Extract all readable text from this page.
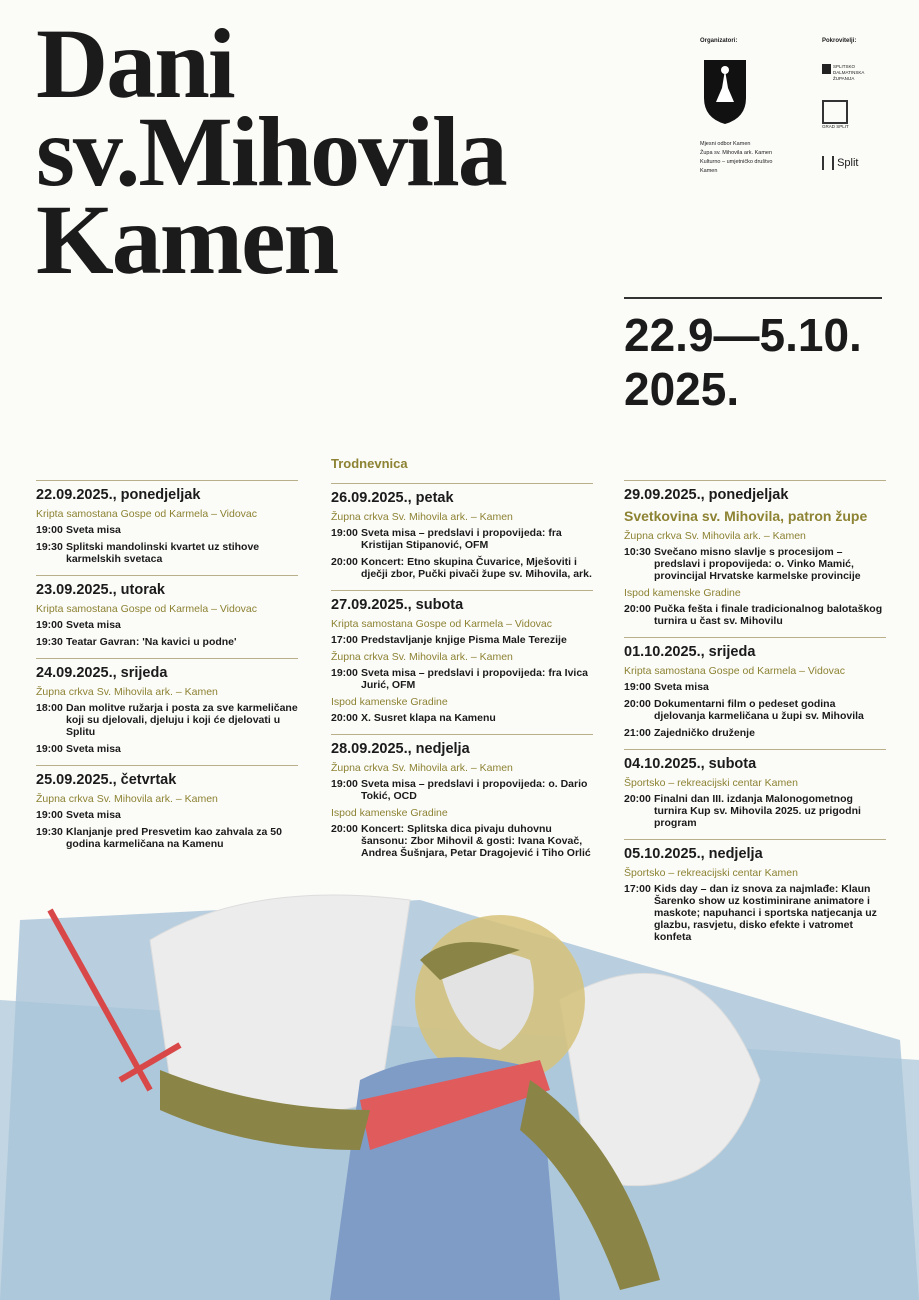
Dani
sv.Mihovila
Kamen
Organizatori:
Mjesni odbor Kamen
Župa sv. Mihovila ark. Kamen
Kulturno – umjetničko društvo Kamen
Pokrovitelji:
SPLITSKO DALMATINSKA ŽUPANIJA
GRAD SPLIT
Split
22.9—5.10.
2025.
22.09.2025., ponedjeljak
Kripta samostana Gospe od Karmela – Vidovac
19:00 Sveta misa
19:30 Splitski mandolinski kvartet uz stihove karmelskih svetaca
23.09.2025., utorak
Kripta samostana Gospe od Karmela – Vidovac
19:00 Sveta misa
19:30 Teatar Gavran: 'Na kavici u podne'
24.09.2025., srijeda
Župna crkva Sv. Mihovila ark. – Kamen
18:00 Dan molitve ružarja i posta za sve karmeličane koji su djelovali, djeluju i koji će djelovati u Splitu
19:00 Sveta misa
25.09.2025., četvrtak
Župna crkva Sv. Mihovila ark. – Kamen
19:00 Sveta misa
19:30 Klanjanje pred Presvetim kao zahvala za 50 godina karmeličana na Kamenu
Trodnevnica
26.09.2025., petak
Župna crkva Sv. Mihovila ark. – Kamen
19:00 Sveta misa – predslavi i propovijeda: fra Kristijan Stipanović, OFM
20:00 Koncert: Etno skupina Čuvarice, Mješoviti i dječji zbor, Pučki pivači župe sv. Mihovila, ark.
27.09.2025., subota
Kripta samostana Gospe od Karmela – Vidovac
17:00 Predstavljanje knjige Pisma Male Terezije
Župna crkva Sv. Mihovila ark. – Kamen
19:00 Sveta misa – predslavi i propovijeda: fra Ivica Jurić, OFM
Ispod kamenske Gradine
20:00 X. Susret klapa na Kamenu
28.09.2025., nedjelja
Župna crkva Sv. Mihovila ark. – Kamen
19:00 Sveta misa – predslavi i propovijeda: o. Dario Tokić, OCD
Ispod kamenske Gradine
20:00 Koncert: Splitska dica pivaju duhovnu šansonu: Zbor Mihovil & gosti: Ivana Kovač, Andrea Šušnjara, Petar Dragojević i Tiho Orlić
29.09.2025., ponedjeljak
Svetkovina sv. Mihovila, patron župe
Župna crkva Sv. Mihovila ark. – Kamen
10:30 Svečano misno slavlje s procesijom – predslavi i propovijeda: o. Vinko Mamić, provincijal Hrvatske karmelske provincije
Ispod kamenske Gradine
20:00 Pučka fešta i finale tradicionalnog balotaškog turnira u čast sv. Mihovilu
01.10.2025., srijeda
Kripta samostana Gospe od Karmela – Vidovac
19:00 Sveta misa
20:00 Dokumentarni film o pedeset godina djelovanja karmeličana u župi sv. Mihovila
21:00 Zajedničko druženje
04.10.2025., subota
Športsko – rekreacijski centar Kamen
20:00 Finalni dan III. izdanja Malonogometnog turnira Kup sv. Mihovila 2025. uz prigodni program
05.10.2025., nedjelja
Športsko – rekreacijski centar Kamen
17:00 Kids day – dan iz snova za najmlađe: Klaun Šarenko show uz kostiminirane animatore i maskote; napuhanci i sportska natjecanja uz glazbu, rasvjetu, disko efekte i vatromet konfeta
